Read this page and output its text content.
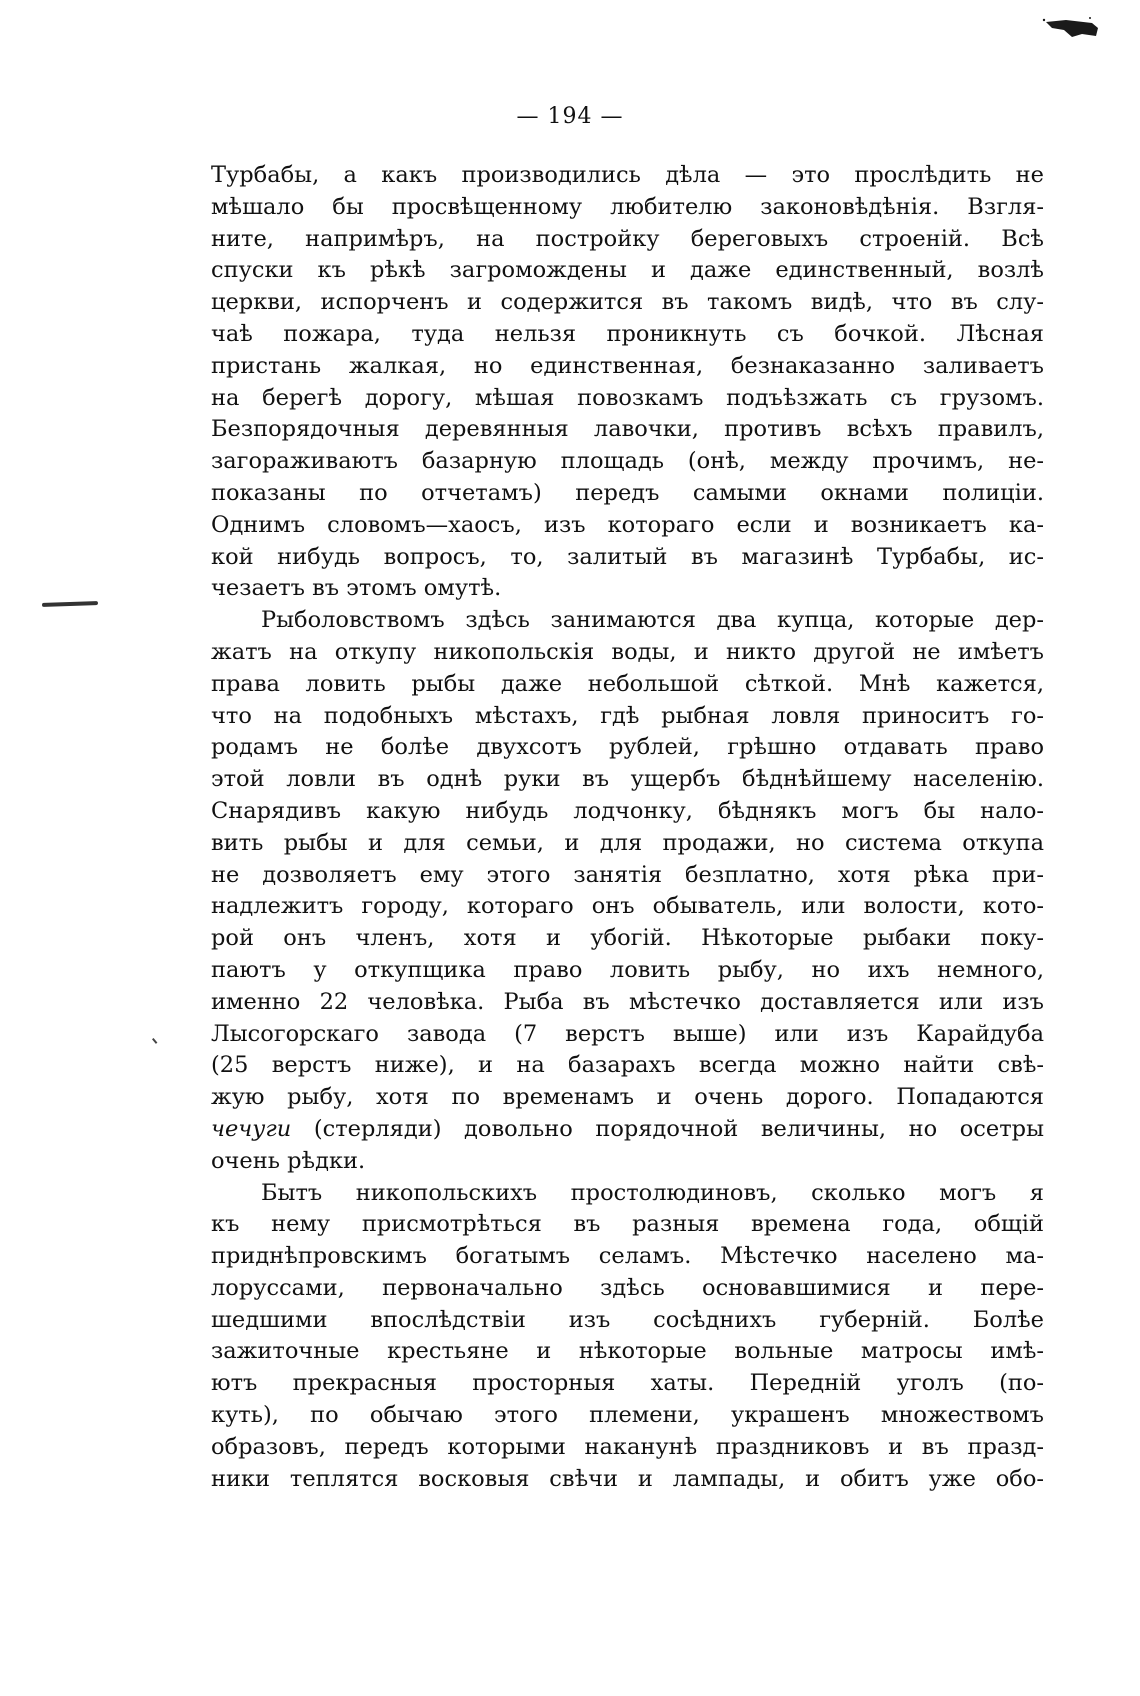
— 194 —
Турбабы, а какъ производились дѣла — это прослѣдить не
мѣшало бы просвѣщенному любителю законовѣдѣнія. Взгля-
ните, напримѣръ, на постройку береговыхъ строеній. Всѣ
спуски къ рѣкѣ загромождены и даже единственный, возлѣ
церкви, испорченъ и содержится въ такомъ видѣ, что въ слу-
чаѣ пожара, туда нельзя проникнуть съ бочкой. Лѣсная
пристань жалкая, но единственная, безнаказанно заливаетъ
на берегѣ дорогу, мѣшая повозкамъ подъѣзжать съ грузомъ.
Безпорядочныя деревянныя лавочки, противъ всѣхъ правилъ,
загораживаютъ базарную площадь (онѣ, между прочимъ, не-
показаны по отчетамъ) передъ самыми окнами полиціи.
Однимъ словомъ—хаосъ, изъ котораго если и возникаетъ ка-
кой нибудь вопросъ, то, залитый въ магазинѣ Турбабы, ис-
чезаетъ въ этомъ омутѣ.
Рыболовствомъ здѣсь занимаются два купца, которые дер-
жатъ на откупу никопольскія воды, и никто другой не имѣетъ
права ловить рыбы даже небольшой сѣткой. Мнѣ кажется,
что на подобныхъ мѣстахъ, гдѣ рыбная ловля приноситъ го-
родамъ не болѣе двухсотъ рублей, грѣшно отдавать право
этой ловли въ однѣ руки въ ущербъ бѣднѣйшему населенію.
Снарядивъ какую нибудь лодчонку, бѣднякъ могъ бы нало-
вить рыбы и для семьи, и для продажи, но система откупа
не дозволяетъ ему этого занятія безплатно, хотя рѣка при-
надлежитъ городу, котораго онъ обыватель, или волости, кото-
рой онъ членъ, хотя и убогій. Нѣкоторые рыбаки поку-
паютъ у откупщика право ловить рыбу, но ихъ немного,
именно 22 человѣка. Рыба въ мѣстечко доставляется или изъ
Лысогорскаго завода (7 верстъ выше) или изъ Карайдуба
(25 верстъ ниже), и на базарахъ всегда можно найти свѣ-
жую рыбу, хотя по временамъ и очень дорого. Попадаются
чечуги (стерляди) довольно порядочной величины, но осетры
очень рѣдки.
Бытъ никопольскихъ простолюдиновъ, сколько могъ я
къ нему присмотрѣться въ разныя времена года, общій
приднѣпровскимъ богатымъ селамъ. Мѣстечко населено ма-
лоруссами, первоначально здѣсь основавшимися и пере-
шедшими впослѣдствіи изъ сосѣднихъ губерній. Болѣе
зажиточные крестьяне и нѣкоторые вольные матросы имѣ-
ютъ прекрасныя просторныя хаты. Передній уголъ (по-
куть), по обычаю этого племени, украшенъ множествомъ
образовъ, передъ которыми наканунѣ праздниковъ и въ празд-
ники теплятся восковыя свѣчи и лампады, и обитъ уже обо-
